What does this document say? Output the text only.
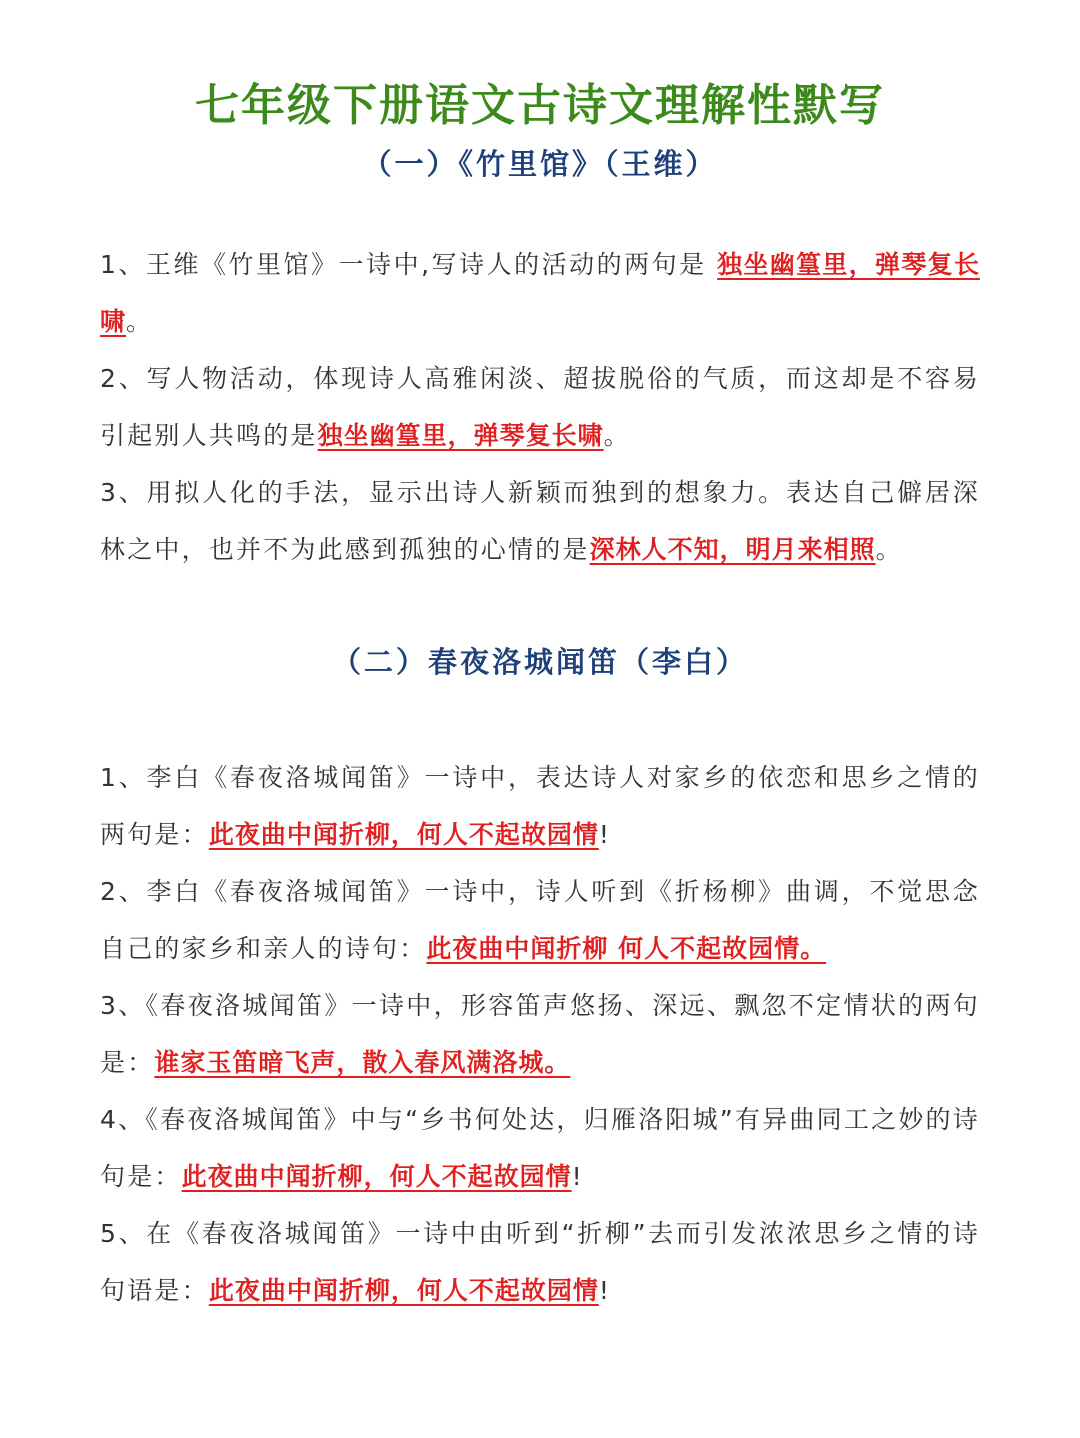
七年级下册语文古诗文理解性默写
（一）《竹里馆》（王维）

1、王维《竹里馆》一诗中,写诗人的活动的两句是 独坐幽篁里，弹琴复长啸。

2、写人物活动，体现诗人高雅闲淡、超拔脱俗的气质，而这却是不容易引起别人共鸣的是独坐幽篁里，弹琴复长啸。

3、用拟人化的手法，显示出诗人新颖而独到的想象力。表达自己僻居深林之中，也并不为此感到孤独的心情的是深林人不知，明月来相照。

（二）春夜洛城闻笛（李白）

1、李白《春夜洛城闻笛》一诗中，表达诗人对家乡的依恋和思乡之情的两句是：此夜曲中闻折柳，何人不起故园情!

2、李白《春夜洛城闻笛》一诗中，诗人听到《折杨柳》曲调，不觉思念自己的家乡和亲人的诗句：此夜曲中闻折柳 何人不起故园情。

3、《春夜洛城闻笛》一诗中，形容笛声悠扬、深远、飘忽不定情状的两句是：谁家玉笛暗飞声，散入春风满洛城。

4、《春夜洛城闻笛》中与“乡书何处达，归雁洛阳城”有异曲同工之妙的诗句是：此夜曲中闻折柳，何人不起故园情!

5、在《春夜洛城闻笛》一诗中由听到“折柳”去而引发浓浓思乡之情的诗句语是：此夜曲中闻折柳，何人不起故园情!
